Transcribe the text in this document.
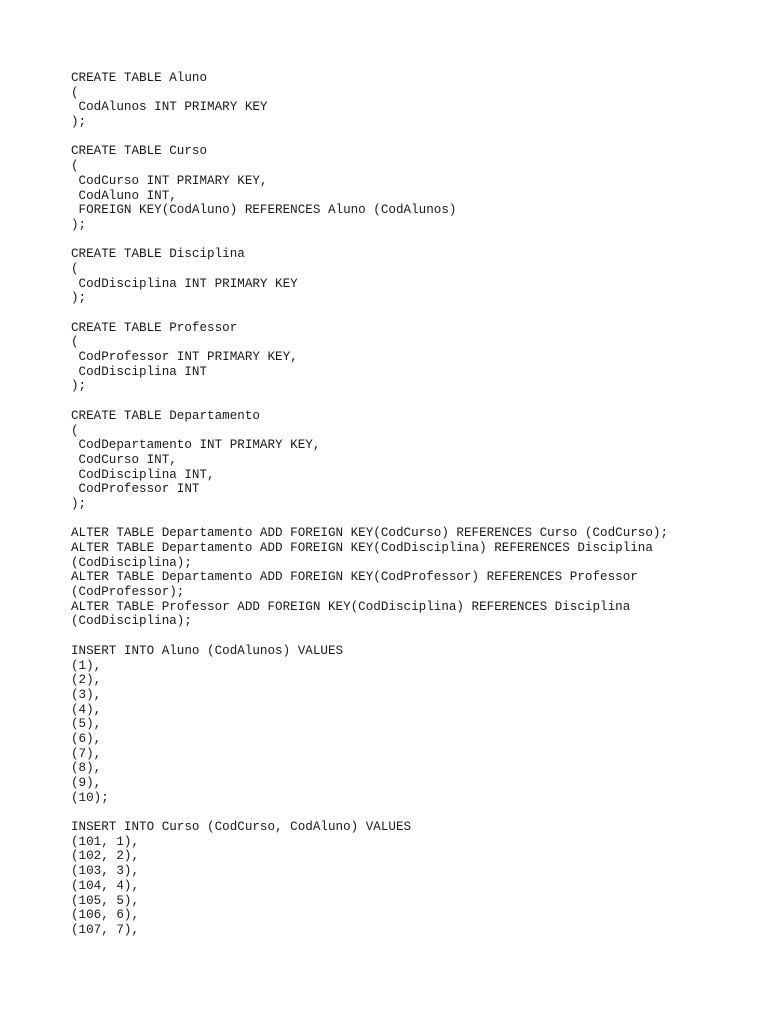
CREATE TABLE Aluno
(
CodAlunos INT PRIMARY KEY
);
CREATE TABLE Curso
(
CodCurso INT PRIMARY KEY,
CodAluno INT,
FOREIGN KEY(CodAluno) REFERENCES Aluno (CodAlunos)
);
CREATE TABLE Disciplina
(
CodDisciplina INT PRIMARY KEY
);
CREATE TABLE Professor
(
CodProfessor INT PRIMARY KEY,
CodDisciplina INT
);
CREATE TABLE Departamento
(
CodDepartamento INT PRIMARY KEY,
CodCurso INT,
CodDisciplina INT,
CodProfessor INT
);
ALTER TABLE Departamento ADD FOREIGN KEY(CodCurso) REFERENCES Curso (CodCurso);
ALTER TABLE Departamento ADD FOREIGN KEY(CodDisciplina) REFERENCES Disciplina
(CodDisciplina);
ALTER TABLE Departamento ADD FOREIGN KEY(CodProfessor) REFERENCES Professor
(CodProfessor);
ALTER TABLE Professor ADD FOREIGN KEY(CodDisciplina) REFERENCES Disciplina
(CodDisciplina);
INSERT INTO Aluno (CodAlunos) VALUES
(1),
(2),
(3),
(4),
(5),
(6),
(7),
(8),
(9),
(10);
INSERT INTO Curso (CodCurso, CodAluno) VALUES
(101, 1),
(102, 2),
(103, 3),
(104, 4),
(105, 5),
(106, 6),
(107, 7),
